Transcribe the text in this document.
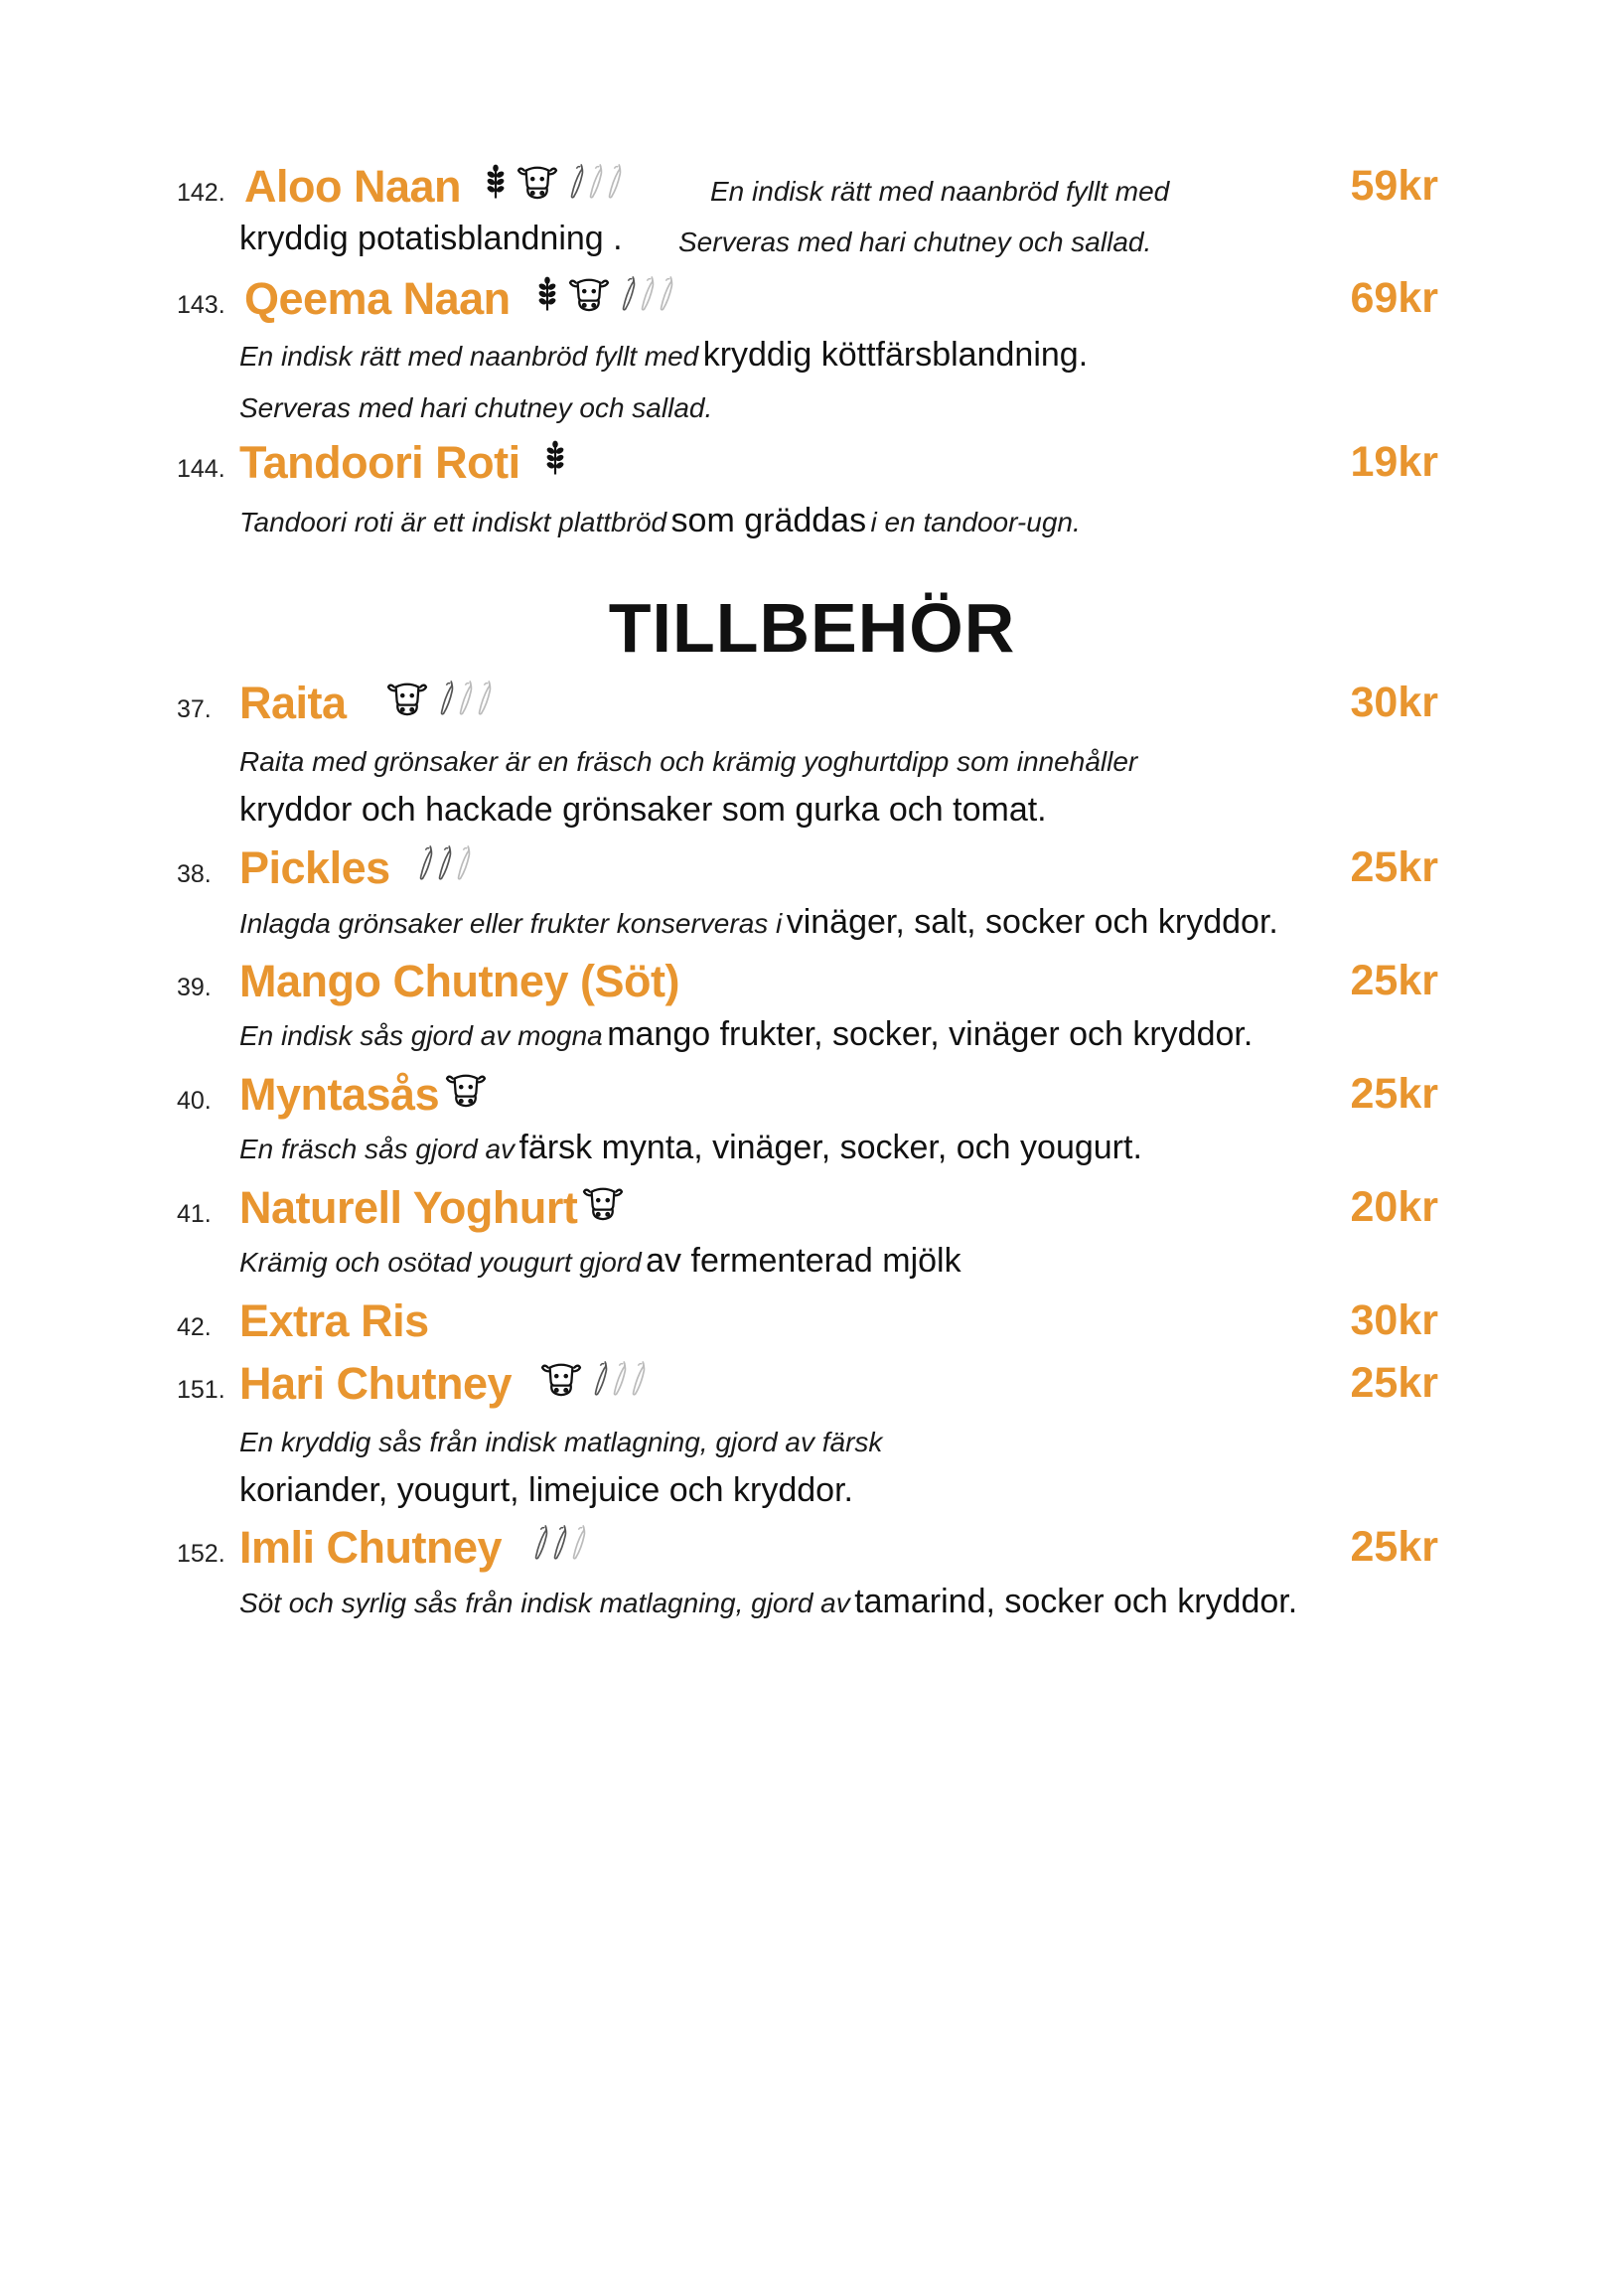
142. Aloo Naan	En indisk rätt med naanbröd fyllt med	59kr
kryddig potatisblandning . Serveras med hari chutney och sallad.
143. Qeema Naan	69kr
En indisk rätt med naanbröd fyllt med kryddig köttfärsblandning.
Serveras med hari chutney och sallad.
144. Tandoori Roti	19kr
Tandoori roti är ett indiskt plattbröd som gräddas i en tandoor-ugn.
TILLBEHÖR
37. Raita	30kr
Raita med grönsaker är en fräsch och krämig yoghurtdipp som innehåller
kryddor och hackade grönsaker som gurka och tomat.
38. Pickles	25kr
Inlagda grönsaker eller frukter konserveras i vinäger, salt, socker och kryddor.
39. Mango Chutney (Söt)	25kr
En indisk sås gjord av mogna mango frukter, socker, vinäger och kryddor.
40. Myntasås	25kr
En fräsch sås gjord av färsk mynta, vinäger, socker, och yougurt.
41. Naturell Yoghurt	20kr
Krämig och osötad yougurt gjord av fermenterad mjölk
42. Extra Ris	30kr
151. Hari Chutney	25kr
En kryddig sås från indisk matlagning, gjord av färsk
koriander, yougurt, limejuice och kryddor.
152. Imli Chutney	25kr
Söt och syrlig sås från indisk matlagning, gjord av tamarind, socker och kryddor.
